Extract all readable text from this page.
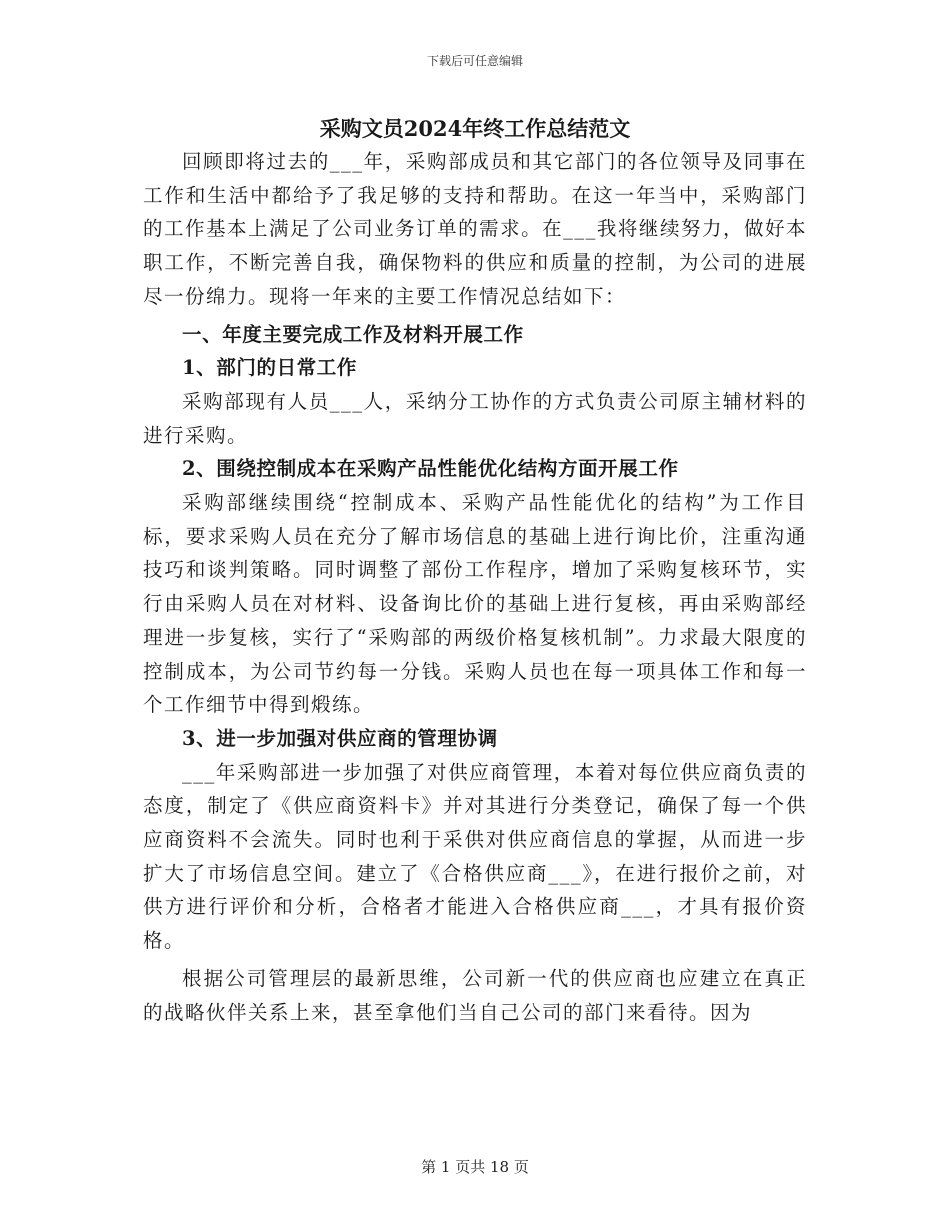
下载后可任意编辑
采购文员2024年终工作总结范文

回顾即将过去的___年，采购部成员和其它部门的各位领导及同事在工作和生活中都给予了我足够的支持和帮助。在这一年当中，采购部门的工作基本上满足了公司业务订单的需求。在___我将继续努力，做好本职工作，不断完善自我，确保物料的供应和质量的控制，为公司的进展尽一份绵力。现将一年来的主要工作情况总结如下：

一、年度主要完成工作及材料开展工作
1、部门的日常工作

采购部现有人员___人，采纳分工协作的方式负责公司原主辅材料的进行采购。

2、围绕控制成本在采购产品性能优化结构方面开展工作

采购部继续围绕“控制成本、采购产品性能优化的结构”为工作目标，要求采购人员在充分了解市场信息的基础上进行询比价，注重沟通技巧和谈判策略。同时调整了部份工作程序，增加了采购复核环节，实行由采购人员在对材料、设备询比价的基础上进行复核，再由采购部经理进一步复核，实行了“采购部的两级价格复核机制”。力求最大限度的控制成本，为公司节约每一分钱。采购人员也在每一项具体工作和每一个工作细节中得到煅练。

3、进一步加强对供应商的管理协调

___年采购部进一步加强了对供应商管理，本着对每位供应商负责的态度，制定了《供应商资料卡》并对其进行分类登记，确保了每一个供应商资料不会流失。同时也利于采供对供应商信息的掌握，从而进一步扩大了市场信息空间。建立了《合格供应商___》，在进行报价之前，对供方进行评价和分析，合格者才能进入合格供应商___，才具有报价资格。

根据公司管理层的最新思维，公司新一代的供应商也应建立在真正的战略伙伴关系上来，甚至拿他们当自己公司的部门来看待。因为

第 1 页共 18 页
